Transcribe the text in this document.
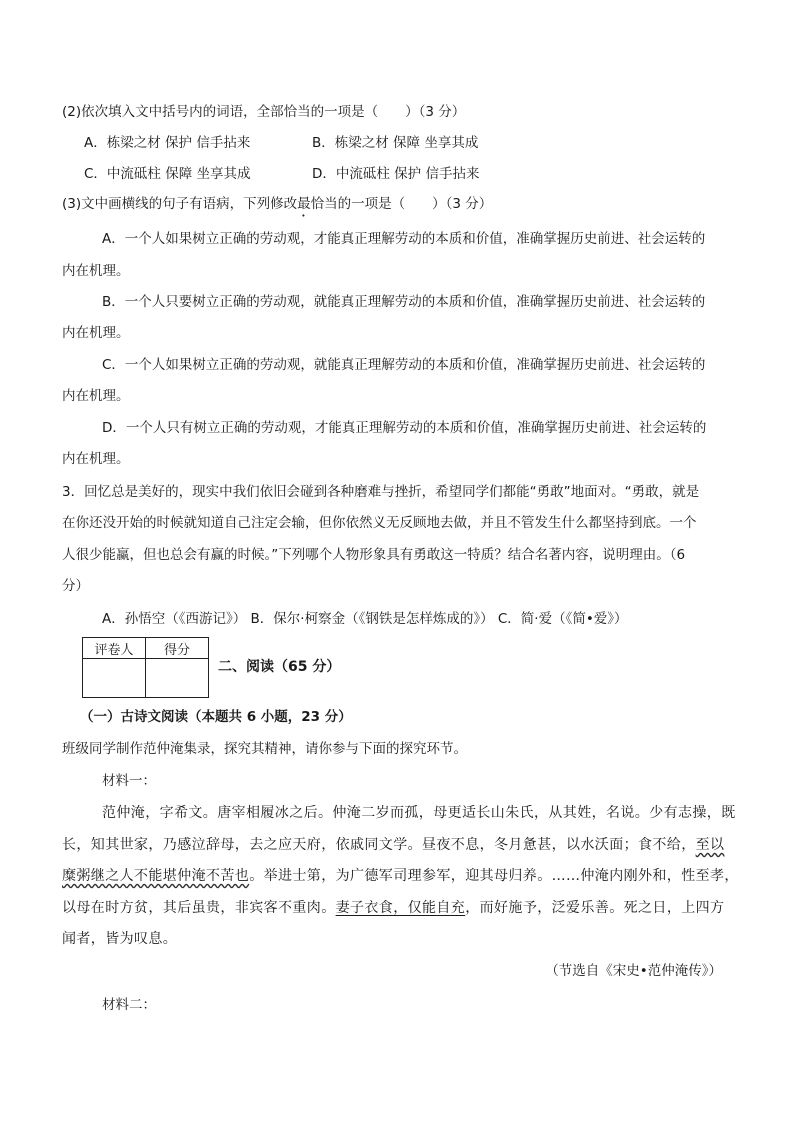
(2)依次填入文中括号内的词语，全部恰当的一项是（　　）（3 分）
A．栋梁之材 保护 信手拈来	B．栋梁之材 保障 坐享其成
C．中流砥柱 保障 坐享其成	D．中流砥柱 保护 信手拈来
(3)文中画横线的句子有语病，下列修改最恰当的一项是（　　）（3 分）
A．一个人如果树立正确的劳动观，才能真正理解劳动的本质和价值，准确掌握历史前进、社会运转的
内在机理。
B．一个人只要树立正确的劳动观，就能真正理解劳动的本质和价值，准确掌握历史前进、社会运转的
内在机理。
C．一个人如果树立正确的劳动观，就能真正理解劳动的本质和价值，准确掌握历史前进、社会运转的
内在机理。
D．一个人只有树立正确的劳动观，才能真正理解劳动的本质和价值，准确掌握历史前进、社会运转的
内在机理。
3．回忆总是美好的，现实中我们依旧会碰到各种磨难与挫折，希望同学们都能“勇敢”地面对。“勇敢，就是
在你还没开始的时候就知道自己注定会输，但你依然义无反顾地去做，并且不管发生什么都坚持到底。一个
人很少能赢，但也总会有赢的时候。”下列哪个人物形象具有勇敢这一特质？结合名著内容，说明理由。（6
分）
A．孙悟空（《西游记》） B．保尔·柯察金（《钢铁是怎样炼成的》） C．简·爱（《简•爱》）
评卷人	得分

二、阅读（65 分）
（一）古诗文阅读（本题共 6 小题，23 分）
班级同学制作范仲淹集录，探究其精神，请你参与下面的探究环节。
材料一：
范仲淹，字希文。唐宰相履冰之后。仲淹二岁而孤，母更适长山朱氏，从其姓，名说。少有志操，既
长，知其世家，乃感泣辞母，去之应天府，依戚同文学。昼夜不息，冬月惫甚，以水沃面；食不给，至以
糜粥继之人不能堪仲淹不苦也。举进士第，为广德军司理参军，迎其母归养。……仲淹内刚外和，性至孝，
以母在时方贫，其后虽贵，非宾客不重肉。妻子衣食，仅能自充，而好施予，泛爱乐善。死之日，上四方
闻者，皆为叹息。
（节选自《宋史•范仲淹传》）
材料二：
